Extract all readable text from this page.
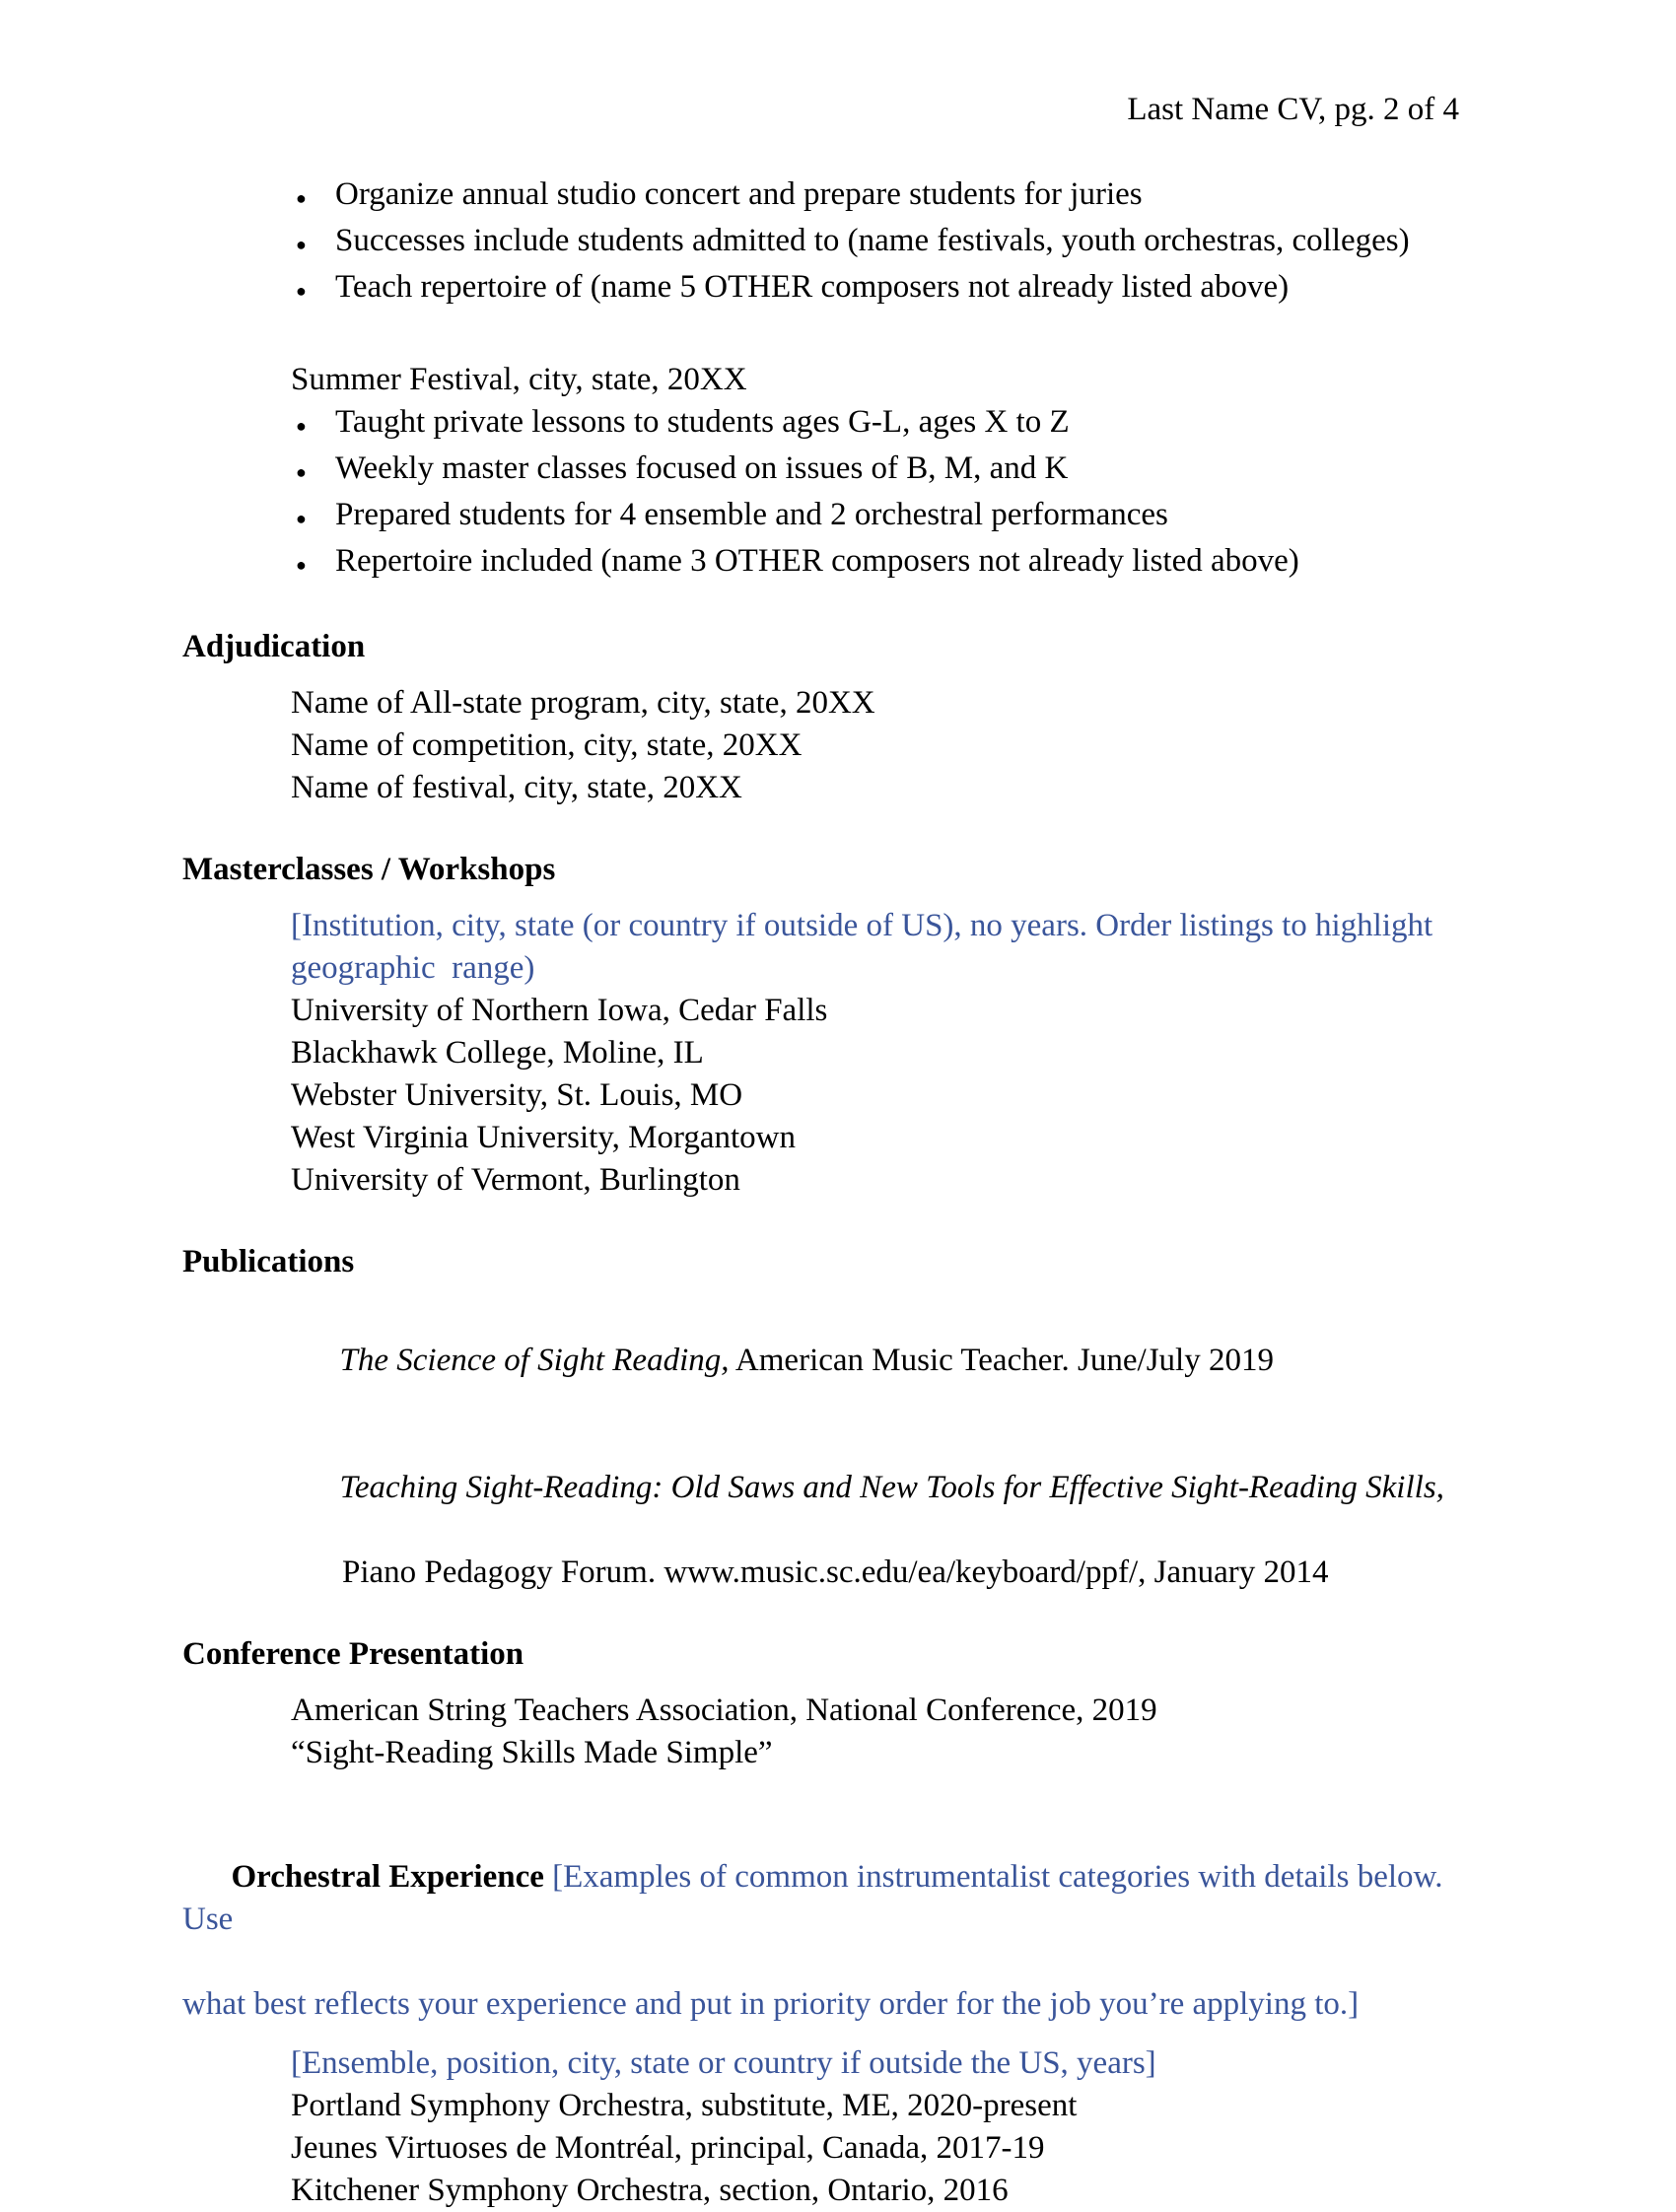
Last Name CV, pg. 2 of 4
● Organize annual studio concert and prepare students for juries
● Successes include students admitted to (name festivals, youth orchestras, colleges)
● Teach repertoire of (name 5 OTHER composers not already listed above)
Summer Festival, city, state, 20XX
● Taught private lessons to students ages G-L, ages X to Z
● Weekly master classes focused on issues of B, M, and K
● Prepared students for 4 ensemble and 2 orchestral performances
● Repertoire included (name 3 OTHER composers not already listed above)
Adjudication
Name of All-state program, city, state, 20XX
Name of competition, city, state, 20XX
Name of festival, city, state, 20XX
Masterclasses / Workshops
[Institution, city, state (or country if outside of US), no years. Order listings to highlight
geographic  range)
University of Northern Iowa, Cedar Falls
Blackhawk College, Moline, IL
Webster University, St. Louis, MO
West Virginia University, Morgantown
University of Vermont, Burlington
Publications

The Science of Sight Reading, American Music Teacher. June/July 2019

Teaching Sight-Reading: Old Saws and New Tools for Effective Sight-Reading Skills,

Piano Pedagogy Forum. www.music.sc.edu/ea/keyboard/ppf/, January 2014
Conference Presentation
American String Teachers Association, National Conference, 2019
“Sight-Reading Skills Made Simple”

Orchestral Experience [Examples of common instrumentalist categories with details below.  Use

what best reflects your experience and put in priority order for the job you’re applying to.]
[Ensemble, position, city, state or country if outside the US, years]
Portland Symphony Orchestra, substitute, ME, 2020-present
Jeunes Virtuoses de Montréal, principal, Canada, 2017-19
Kitchener Symphony Orchestra, section, Ontario, 2016
